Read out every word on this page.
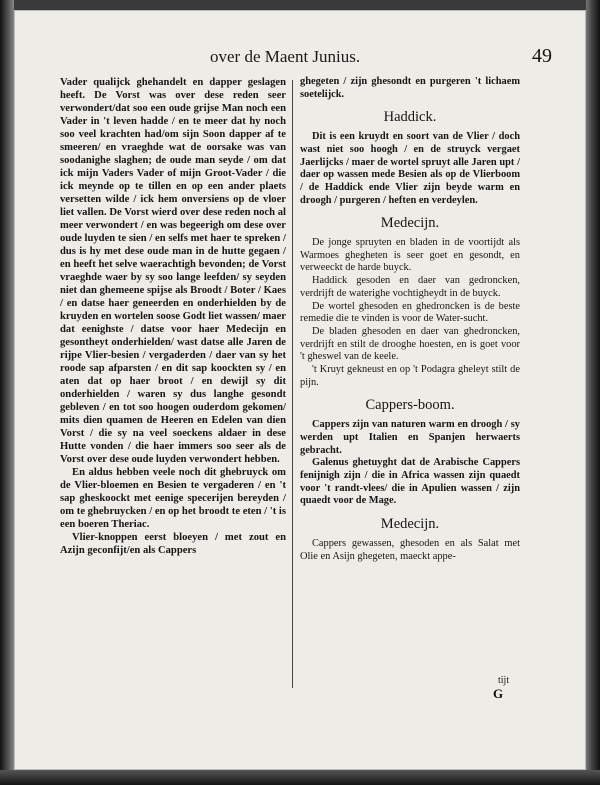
over de Maent Junius.	49

Vader qualijck ghehandelt en dapper geslagen heeft. De Vorst was over dese reden seer verwondert/dat soo een oude grijse Man noch een Vader in 't leven hadde / en te meer dat hy noch soo veel krachten had/om sijn Soon dapper af te smeeren/ en vraeghde wat de oorsake was van soodanighe slaghen; de oude man seyde / om dat ick mijn Vaders Vader of mijn Groot-Vader / die ick meynde op te tillen en op een ander plaets versetten wilde / ick hem onversiens op de vloer liet vallen. De Vorst wierd over dese reden noch al meer verwondert / en was begeerigh om dese over oude luyden te sien / en selfs met haer te spreken / dus is hy met dese oude man in de hutte gegaen / en heeft het selve waerachtigh bevonden; de Vorst vraeghde waer by sy soo lange leefden/ sy seyden niet dan ghemeene spijse als Broodt / Boter / Kaes / en datse haer geneerden en onderhielden by de kruyden en wortelen soose Godt liet wassen/ maer dat eenighste / datse voor haer Medecijn en gesontheyt onderhielden/ wast datse alle Jaren de rijpe Vlier-besien / vergaderden / daer van sy het roode sap afparsten / en dit sap koockten sy / en aten dat op haer broot / en dewijl sy dit onderhielden / waren sy dus langhe gesondt gebleven / en tot soo hoogen ouderdom gekomen/ mits dien quamen de Heeren en Edelen van dien Vorst / die sy na veel soeckens aldaer in dese Hutte vonden / die haer immers soo seer als de Vorst over dese oude luyden verwondert hebben.

En aldus hebben veele noch dit ghebruyck om de Vlier-bloemen en Besien te vergaderen / en 't sap gheskoockt met eenige specerijen bereyden / om te ghebruycken / en op het broodt te eten / 't is een boeren Theriac.

Vlier-knoppen eerst bloeyen / met zout en Azijn geconfijt/en als Cappers

ghegeten / zijn ghesondt en purgeren 't lichaem soetelijck.

Haddick.

Dit is een kruydt en soort van de Vlier / doch wast niet soo hoogh / en de struyck vergaet Jaerlijcks / maer de wortel spruyt alle Jaren upt / daer op wassen mede Besien als op de Vlierboom / de Haddick ende Vlier zijn beyde warm en droogh / purgeren / heften en verdeylen.

Medecijn.

De jonge spruyten en bladen in de voortijdt als Warmoes ghegheten is seer goet en gesondt, en verweeckt de harde buyck.

Haddick gesoden en daer van gedroncken, verdrijft de waterighe vochtigheydt in de buyck.

De wortel ghesoden en ghedroncken is de beste remedie die te vinden is voor de Water-sucht.

De bladen ghesoden en daer van ghedroncken, verdrijft en stilt de drooghe hoesten, en is goet voor 't gheswel van de keele.

't Kruyt gekneust en op 't Podagra gheleyt stilt de pijn.

Cappers-boom.

Cappers zijn van naturen warm en droogh / sy werden upt Italien en Spanjen herwaerts gebracht.

Galenus ghetuyght dat de Arabische Cappers fenijnigh zijn / die in Africa wassen zijn quaedt voor 't randt-vlees/ die in Apulien wassen / zijn quaedt voor de Mage.

Medecijn.

Cappers gewassen, ghesoden en als Salat met Olie en Asijn ghegeten, maeckt appe-

tijt
G
